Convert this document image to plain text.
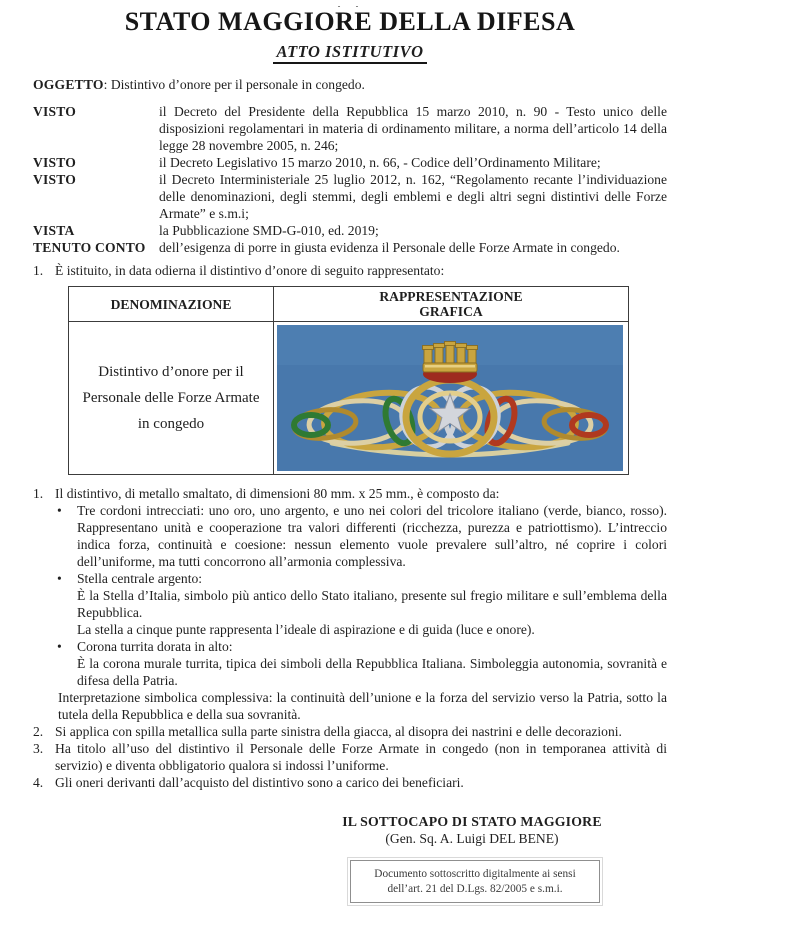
STATO MAGGIORE DELLA DIFESA
ATTO ISTITUTIVO
OGGETTO: Distintivo d’onore per il personale in congedo.
VISTO	il Decreto del Presidente della Repubblica 15 marzo 2010, n. 90 - Testo unico delle disposizioni regolamentari in materia di ordinamento militare, a norma dell’articolo 14 della legge 28 novembre 2005, n. 246;
VISTO	il Decreto Legislativo 15 marzo 2010, n. 66, - Codice dell’Ordinamento Militare;
VISTO	il Decreto Interministeriale 25 luglio 2012, n. 162, “Regolamento recante l’individuazione delle denominazioni, degli stemmi, degli emblemi e degli altri segni distintivi delle Forze Armate” e s.m.i;
VISTA	la Pubblicazione SMD-G-010, ed. 2019;
TENUTO CONTO dell’esigenza di porre in giusta evidenza il Personale delle Forze Armate in congedo.
1. È istituito, in data odierna il distintivo d’onore di seguito rappresentato:
DENOMINAZIONE	RAPPRESENTAZIONE
GRAFICA

Distintivo d’onore per il Personale delle Forze Armate in congedo	
1. Il distintivo, di metallo smaltato, di dimensioni 80 mm. x 25 mm., è composto da:
•	Tre cordoni intrecciati: uno oro, uno argento, e uno nei colori del tricolore italiano (verde, bianco, rosso). Rappresentano unità e cooperazione tra valori differenti (ricchezza, purezza e patriottismo). L’intreccio indica forza, continuità e coesione: nessun elemento vuole prevalere sull’altro, né coprire i colori dell’uniforme, ma tutti concorrono all’armonia complessiva.
•	Stella centrale argento:
È la Stella d’Italia, simbolo più antico dello Stato italiano, presente sul fregio militare e sull’emblema della Repubblica.
La stella a cinque punte rappresenta l’ideale di aspirazione e di guida (luce e onore).
•	Corona turrita dorata in alto:
È la corona murale turrita, tipica dei simboli della Repubblica Italiana. Simboleggia autonomia, sovranità e difesa della Patria.
Interpretazione simbolica complessiva: la continuità dell’unione e la forza del servizio verso la Patria, sotto la tutela della Repubblica e della sua sovranità.
2. Si applica con spilla metallica sulla parte sinistra della giacca, al disopra dei nastrini e delle decorazioni.
3. Ha titolo all’uso del distintivo il Personale delle Forze Armate in congedo (non in temporanea attività di servizio) e diventa obbligatorio qualora si indossi l’uniforme.
4. Gli oneri derivanti dall’acquisto del distintivo sono a carico dei beneficiari.
IL SOTTOCAPO DI STATO MAGGIORE
(Gen. Sq. A. Luigi DEL BENE)
Documento sottoscritto digitalmente ai sensi
dell’art. 21 del D.Lgs. 82/2005 e s.m.i.
